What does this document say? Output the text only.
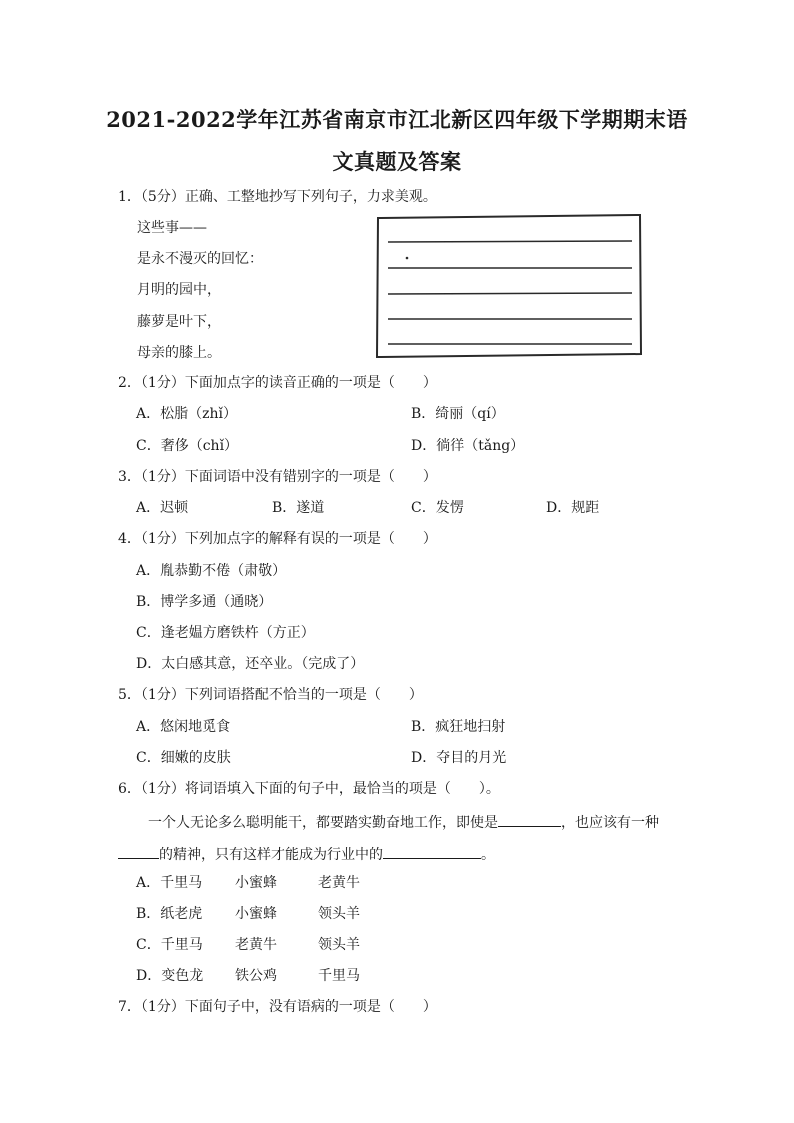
2021-2022学年江苏省南京市江北新区四年级下学期期末语
文真题及答案
1．（5分）正确、工整地抄写下列句子，力求美观。
这些事——
是永不漫灭的回忆：
月明的园中，
藤萝是叶下，
母亲的膝上。
2．（1分）下面加点字的读音正确的一项是（　　）
A．松脂（zhǐ）	B．绮丽（qí）
C．奢侈（chǐ）	D．徜徉（tǎng）
3．（1分）下面词语中没有错别字的一项是（　　）
A．迟顿	B．遂道	C．发愣	D．规距
4．（1分）下列加点字的解释有误的一项是（　　）
A．胤恭勤不倦（肃敬）
B．博学多通（通晓）
C．逢老媪方磨铁杵（方正）
D．太白感其意，还卒业。（完成了）
5．（1分）下列词语搭配不恰当的一项是（　　）
A．悠闲地觅食	B．疯狂地扫射
C．细嫩的皮肤	D．夺目的月光
6．（1分）将词语填入下面的句子中，最恰当的项是（　　）。
一个人无论多么聪明能干，都要踏实勤奋地工作，即使是	，也应该有一种
的精神，只有这样才能成为行业中的	。
A．千里马 小蜜蜂	老黄牛
B．纸老虎 小蜜蜂	领头羊
C．千里马 老黄牛	领头羊
D．变色龙 铁公鸡	千里马
7．（1分）下面句子中，没有语病的一项是（　　）
